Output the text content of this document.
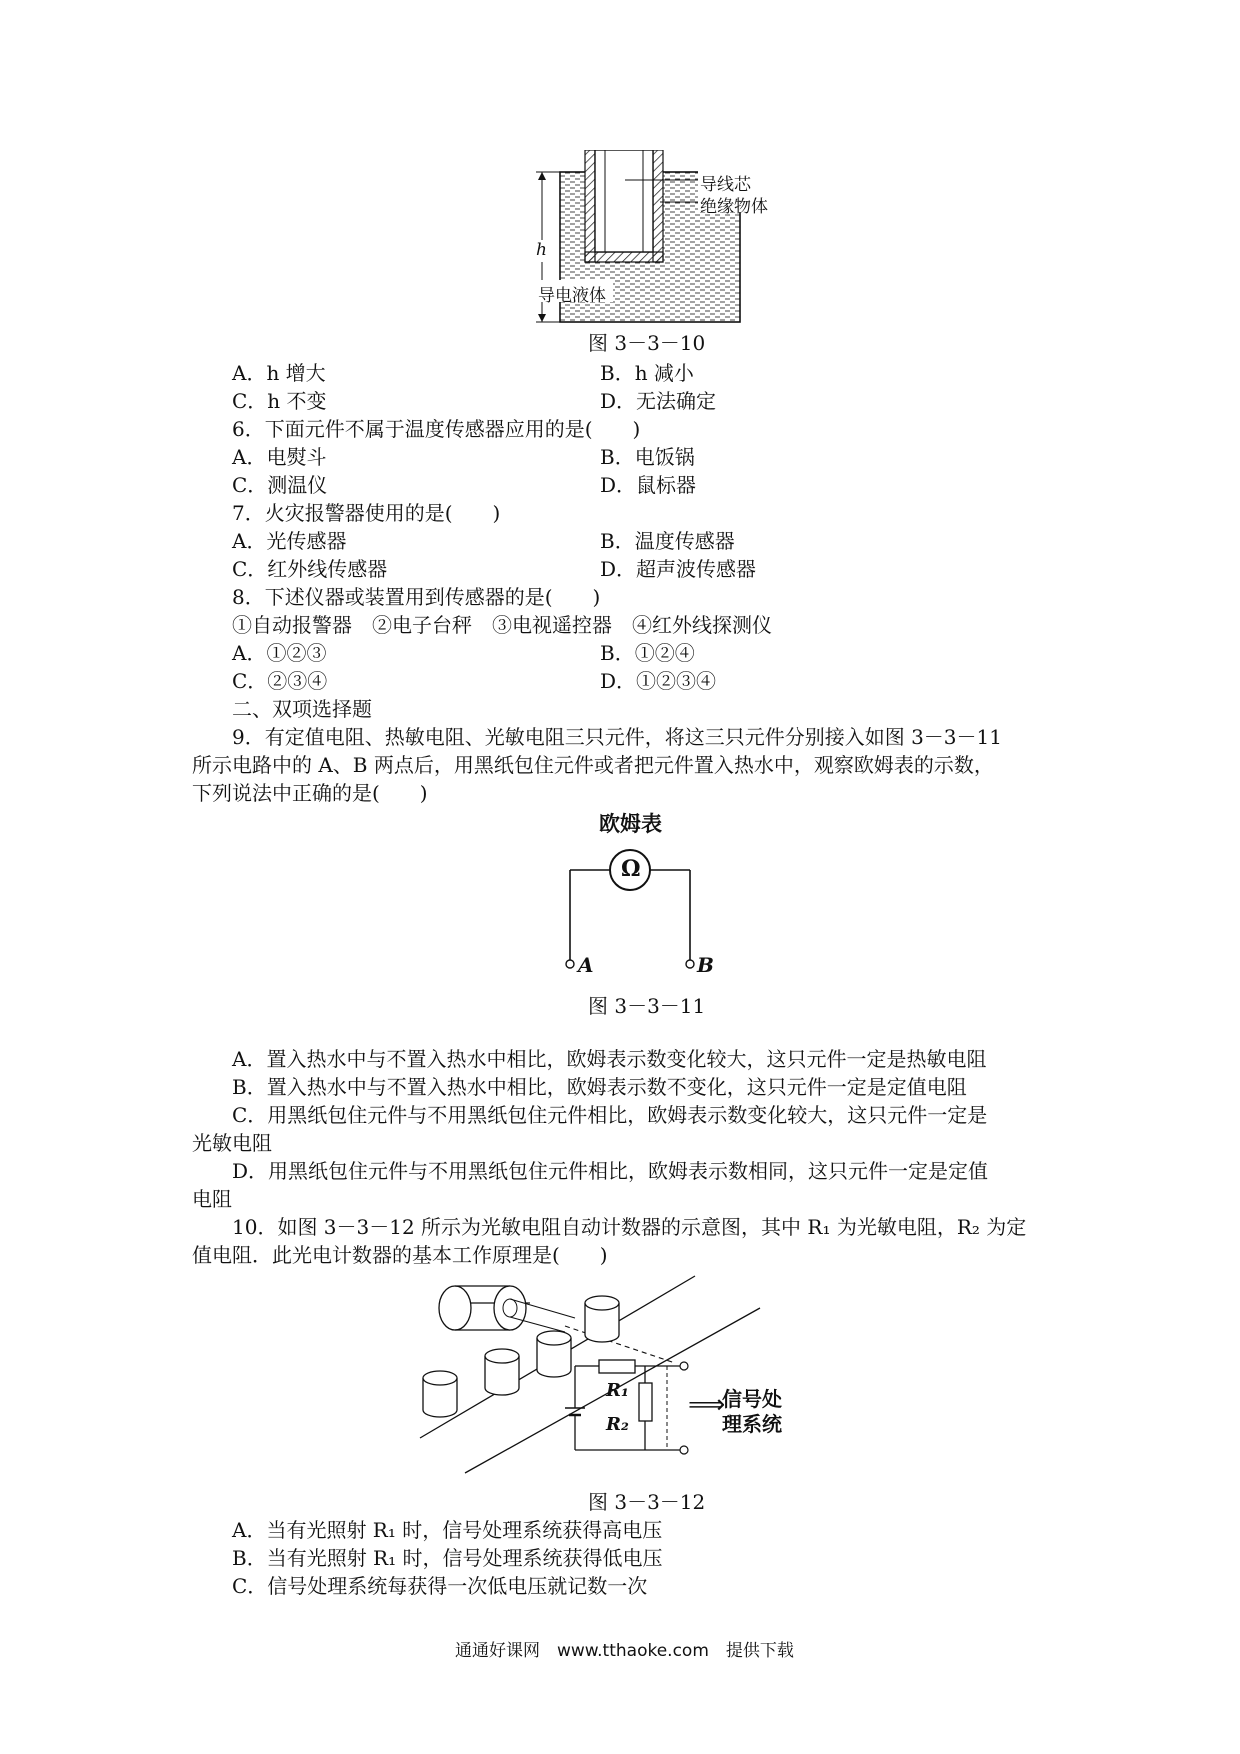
导线芯
绝缘物体
h
导电液体
图 3－3－10
A．h 增大	B．h 减小
C．h 不变	D．无法确定
6．下面元件不属于温度传感器应用的是(　　)
A．电熨斗	B．电饭锅
C．测温仪	D．鼠标器
7．火灾报警器使用的是(　　)
A．光传感器	B．温度传感器
C．红外线传感器	D．超声波传感器
8．下述仪器或装置用到传感器的是(　　)
①自动报警器　②电子台秤　③电视遥控器　④红外线探测仪
A．①②③	B．①②④
C．②③④	D．①②③④
二、双项选择题
9．有定值电阻、热敏电阻、光敏电阻三只元件，将这三只元件分别接入如图 3－3－11
所示电路中的 A、B 两点后，用黑纸包住元件或者把元件置入热水中，观察欧姆表的示数，
下列说法中正确的是(　　)
欧姆表
Ω
A	B
图 3－3－11
A．置入热水中与不置入热水中相比，欧姆表示数变化较大，这只元件一定是热敏电阻
B．置入热水中与不置入热水中相比，欧姆表示数不变化，这只元件一定是定值电阻
C．用黑纸包住元件与不用黑纸包住元件相比，欧姆表示数变化较大，这只元件一定是
光敏电阻
D．用黑纸包住元件与不用黑纸包住元件相比，欧姆表示数相同，这只元件一定是定值
电阻
10．如图 3－3－12 所示为光敏电阻自动计数器的示意图，其中 R₁ 为光敏电阻，R₂ 为定
值电阻．此光电计数器的基本工作原理是(　　)
R₁
R₂
⟹
信号处
理系统
图 3－3－12
A．当有光照射 R₁ 时，信号处理系统获得高电压
B．当有光照射 R₁ 时，信号处理系统获得低电压
C．信号处理系统每获得一次低电压就记数一次
通通好课网　www.tthaoke.com　提供下载
